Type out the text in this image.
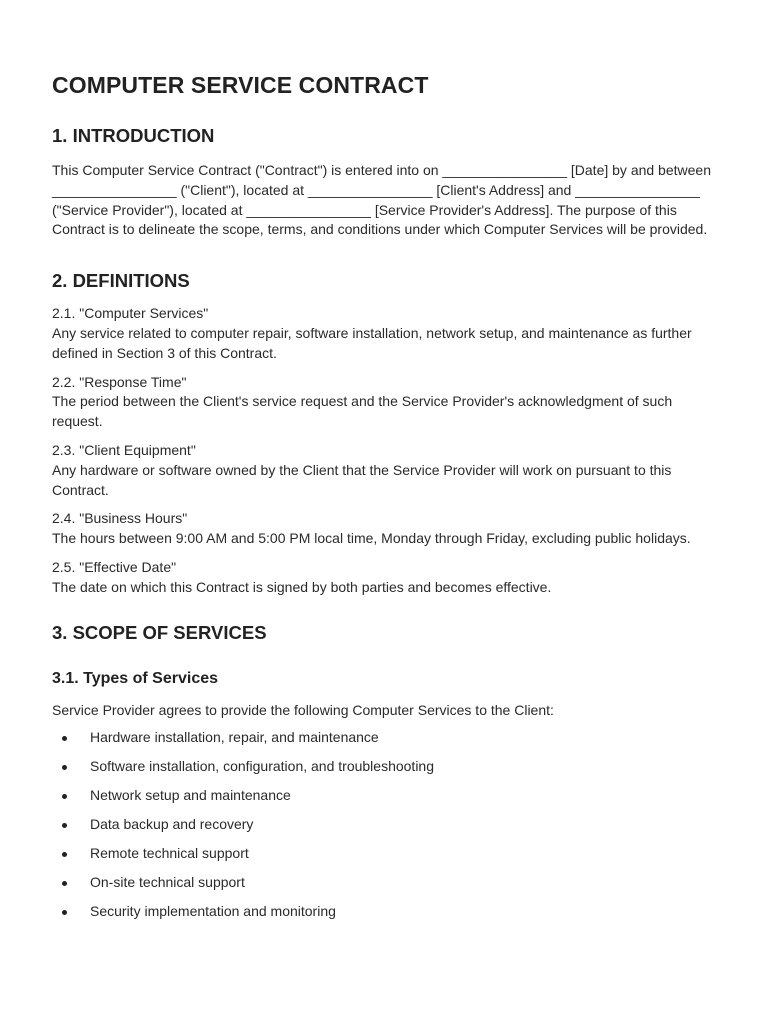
COMPUTER SERVICE CONTRACT
1. INTRODUCTION

This Computer Service Contract ("Contract") is entered into on ________________ [Date] by and between ________________ ("Client"), located at ________________ [Client's Address] and ________________ ("Service Provider"), located at ________________ [Service Provider's Address]. The purpose of this Contract is to delineate the scope, terms, and conditions under which Computer Services will be provided.

2. DEFINITIONS

2.1. "Computer Services"

Any service related to computer repair, software installation, network setup, and maintenance as further defined in Section 3 of this Contract.

2.2. "Response Time"

The period between the Client's service request and the Service Provider's acknowledgment of such request.

2.3. "Client Equipment"

Any hardware or software owned by the Client that the Service Provider will work on pursuant to this Contract.

2.4. "Business Hours"

The hours between 9:00 AM and 5:00 PM local time, Monday through Friday, excluding public holidays.

2.5. "Effective Date"

The date on which this Contract is signed by both parties and becomes effective.

3. SCOPE OF SERVICES
3.1. Types of Services

Service Provider agrees to provide the following Computer Services to the Client:

Hardware installation, repair, and maintenance
Software installation, configuration, and troubleshooting
Network setup and maintenance
Data backup and recovery
Remote technical support
On-site technical support
Security implementation and monitoring
